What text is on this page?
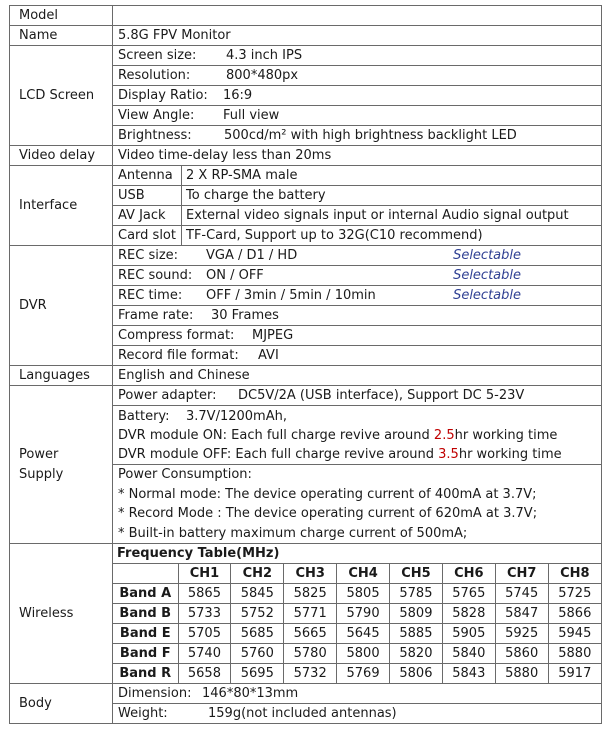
Model	
Name	5.8G FPV Monitor
LCD Screen	Screen size: 4.3 inch IPS
Resolution:	800*480px
Display Ratio: 16:9
View Angle: Full view
Brightness: 500cd/m² with high brightness backlight LED
Video delay	Video time-delay less than 20ms
Interface	
Antenna	2 X RP-SMA male

USB	To charge the battery

AV Jack	External video signals input or internal Audio signal output

Card slot	TF-Card, Support up to 32G(C10 recommend)

DVR	REC size: VGA / D1 / HD	Selectable

REC sound: ON / OFF	Selectable

REC time: OFF / 3min / 5min / 10min	Selectable

Frame rate: 30 Frames
Compress format: MJPEG
Record file format: AVI
Languages	English and Chinese
Power
Supply	Power adapter: DC5V/2A (USB interface), Support DC 5-23V
Battery: 3.7V/1200mAh,
DVR module ON: Each full charge revive around 2.5hr working time
DVR module OFF: Each full charge revive around 3.5hr working time
Power Consumption:
* Normal mode: The device operating current of 400mA at 3.7V;
* Record Mode : The device operating current of 620mA at 3.7V;
* Built-in battery maximum charge current of 500mA;
Wireless	
Frequency Table(MHz)
	CH1	CH2	CH3	CH4	CH5	CH6	CH7	CH8
Band A	5865	5845	5825	5805	5785	5765	5745	5725
Band B	5733	5752	5771	5790	5809	5828	5847	5866
Band E	5705	5685	5665	5645	5885	5905	5925	5945
Band F	5740	5760	5780	5800	5820	5840	5860	5880
Band R	5658	5695	5732	5769	5806	5843	5880	5917

Body	Dimension: 146*80*13mm
Weight:	159g(not included antennas)
